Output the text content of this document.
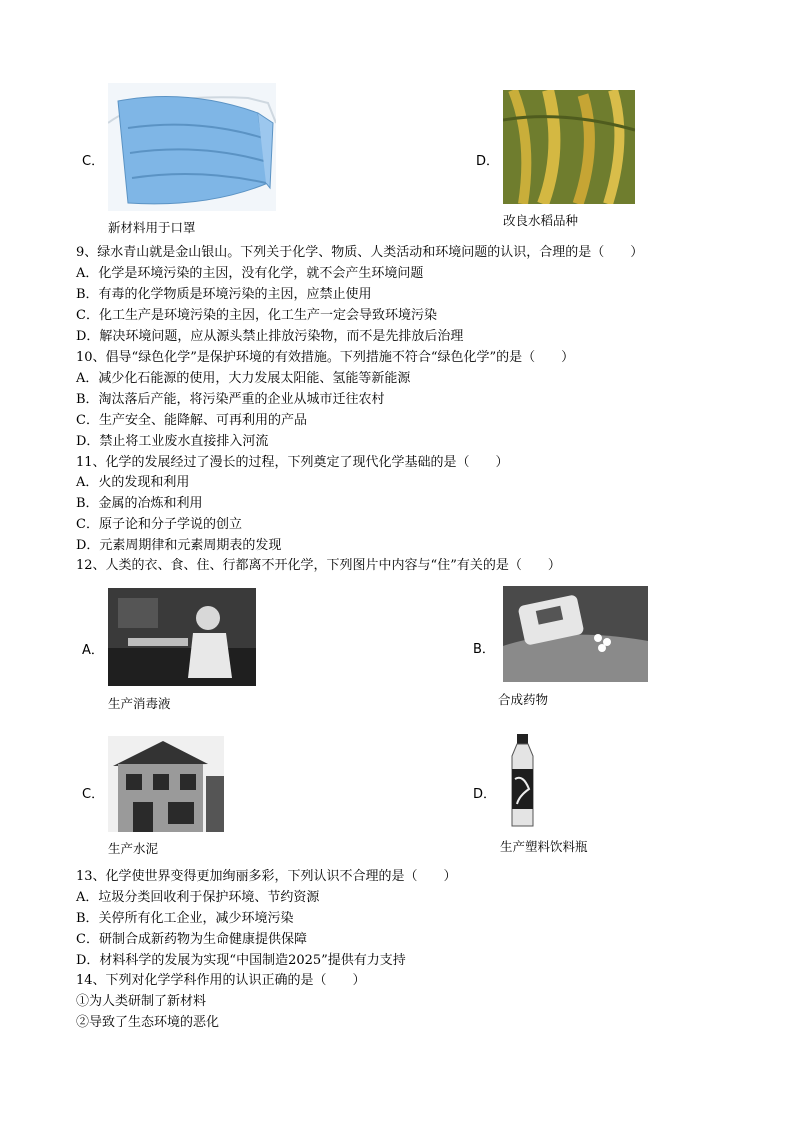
C．
新材料用于口罩
D．
改良水稻品种
9、绿水青山就是金山银山。下列关于化学、物质、人类活动和环境问题的认识，合理的是（　　）
A．化学是环境污染的主因，没有化学，就不会产生环境问题
B．有毒的化学物质是环境污染的主因，应禁止使用
C．化工生产是环境污染的主因，化工生产一定会导致环境污染
D．解决环境问题，应从源头禁止排放污染物，而不是先排放后治理
10、倡导“绿色化学”是保护环境的有效措施。下列措施不符合“绿色化学”的是（　　）
A．减少化石能源的使用，大力发展太阳能、氢能等新能源
B．淘汰落后产能，将污染严重的企业从城市迁往农村
C．生产安全、能降解、可再利用的产品
D．禁止将工业废水直接排入河流
11、化学的发展经过了漫长的过程，下列奠定了现代化学基础的是（　　）
A．火的发现和利用
B．金属的冶炼和利用
C．原子论和分子学说的创立
D．元素周期律和元素周期表的发现
12、人类的衣、食、住、行都离不开化学，下列图片中内容与“住”有关的是（　　）
A．
生产消毒液
B．
合成药物
C．
生产水泥
D．
生产塑料饮料瓶
13、化学使世界变得更加绚丽多彩，下列认识不合理的是（　　）
A．垃圾分类回收利于保护环境、节约资源
B．关停所有化工企业，减少环境污染
C．研制合成新药物为生命健康提供保障
D．材料科学的发展为实现“中国制造2025”提供有力支持
14、下列对化学学科作用的认识正确的是（　　）
①为人类研制了新材料
②导致了生态环境的恶化
